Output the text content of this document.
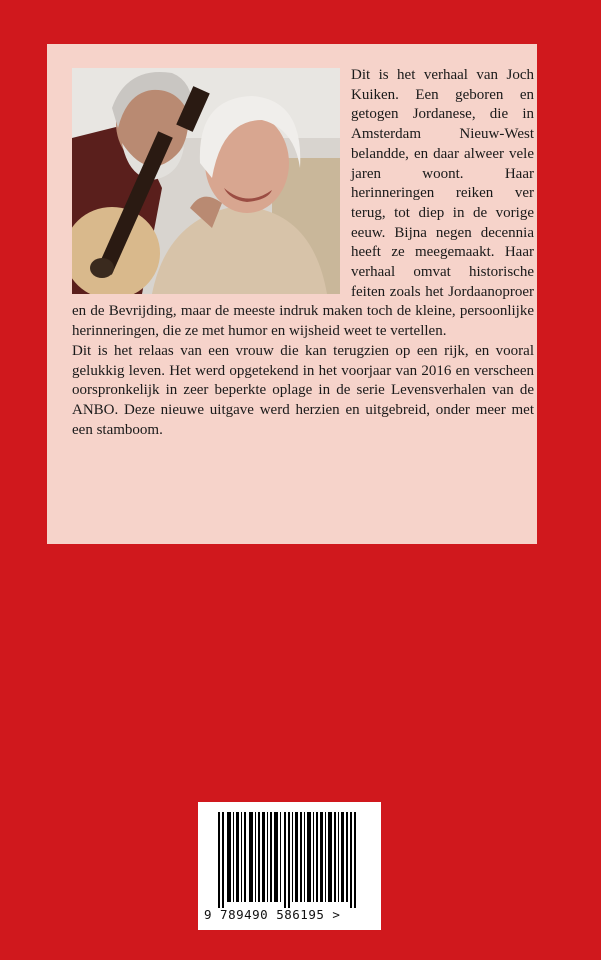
Dit is het verhaal van Joch Kuiken. Een geboren en getogen Jordanese, die in Amsterdam Nieuw-West belandde, en daar alweer vele jaren woont. Haar herinneringen reiken ver terug, tot diep in de vorige eeuw. Bijna negen decennia heeft ze meegemaakt. Haar verhaal omvat historische feiten zoals het Jordaanoproer en de Bevrijding, maar de meeste indruk maken toch de kleine, persoonlijke herinneringen, die ze met humor en wijsheid weet te vertellen.

Dit is het relaas van een vrouw die kan terugzien op een rijk, en vooral gelukkig leven. Het werd opgetekend in het voorjaar van 2016 en verscheen oorspronkelijk in zeer beperkte oplage in de serie Levensverhalen van de ANBO. Deze nieuwe uitgave werd herzien en uitgebreid, onder meer met een stamboom.

9 789490 586195 >
